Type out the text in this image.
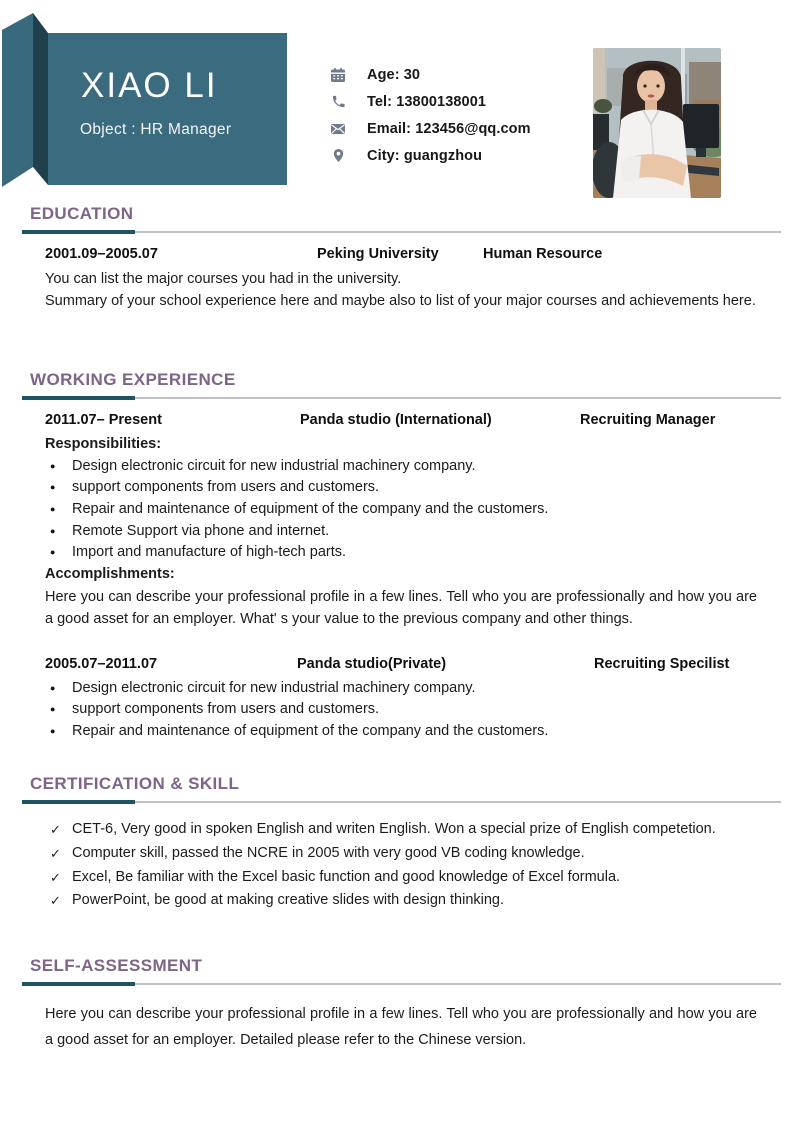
XIAO LI
Object : HR Manager
Age: 30
Tel: 13800138001
Email: 123456@qq.com
City: guangzhou
EDUCATION
2001.09–2005.07	Peking University	Human Resource
You can list the major courses you had in the university.
Summary of your school experience here and maybe also to list of your major courses and achievements here.
WORKING EXPERIENCE
2011.07– Present	Panda studio (International)	Recruiting Manager
Responsibilities:
●	Design electronic circuit for new industrial machinery company.
●	support components from users and customers.
●	Repair and maintenance of equipment of the company and the customers.
●	Remote Support via phone and internet.
●	Import and manufacture of high-tech parts.
Accomplishments:
Here you can describe your professional profile in a few lines. Tell who you are professionally and how you are a good asset for an employer. What' s your value to the previous company and other things.
2005.07–2011.07	Panda studio(Private)	Recruiting Specilist
●	Design electronic circuit for new industrial machinery company.
●	support components from users and customers.
●	Repair and maintenance of equipment of the company and the customers.
CERTIFICATION & SKILL
✓ CET-6, Very good in spoken English and writen English. Won a special prize of English competetion.
✓ Computer skill, passed the NCRE in 2005 with very good VB coding knowledge.
✓ Excel, Be familiar with the Excel basic function and good knowledge of Excel formula.
✓ PowerPoint, be good at making creative slides with design thinking.
SELF-ASSESSMENT
Here you can describe your professional profile in a few lines. Tell who you are professionally and how you are a good asset for an employer. Detailed please refer to the Chinese version.
